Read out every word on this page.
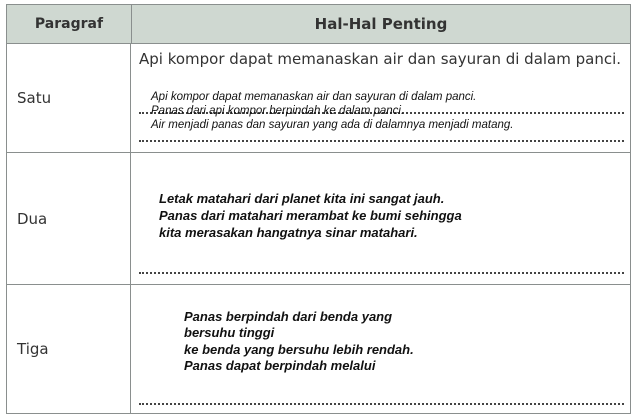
Paragraf	Hal-Hal Penting
Satu
Api kompor dapat memanaskan air dan sayuran di dalam panci.
Api kompor dapat memanaskan air dan sayuran di dalam panci.
Panas dari api kompor berpindah ke dalam panci.
Air menjadi panas dan sayuran yang ada di dalamnya menjadi matang.
Dua
Letak matahari dari planet kita ini sangat jauh.
Panas dari matahari merambat ke bumi sehingga
kita merasakan hangatnya sinar matahari.
Tiga
Panas berpindah dari benda yang
bersuhu tinggi
ke benda yang bersuhu lebih rendah.
Panas dapat berpindah melalui
